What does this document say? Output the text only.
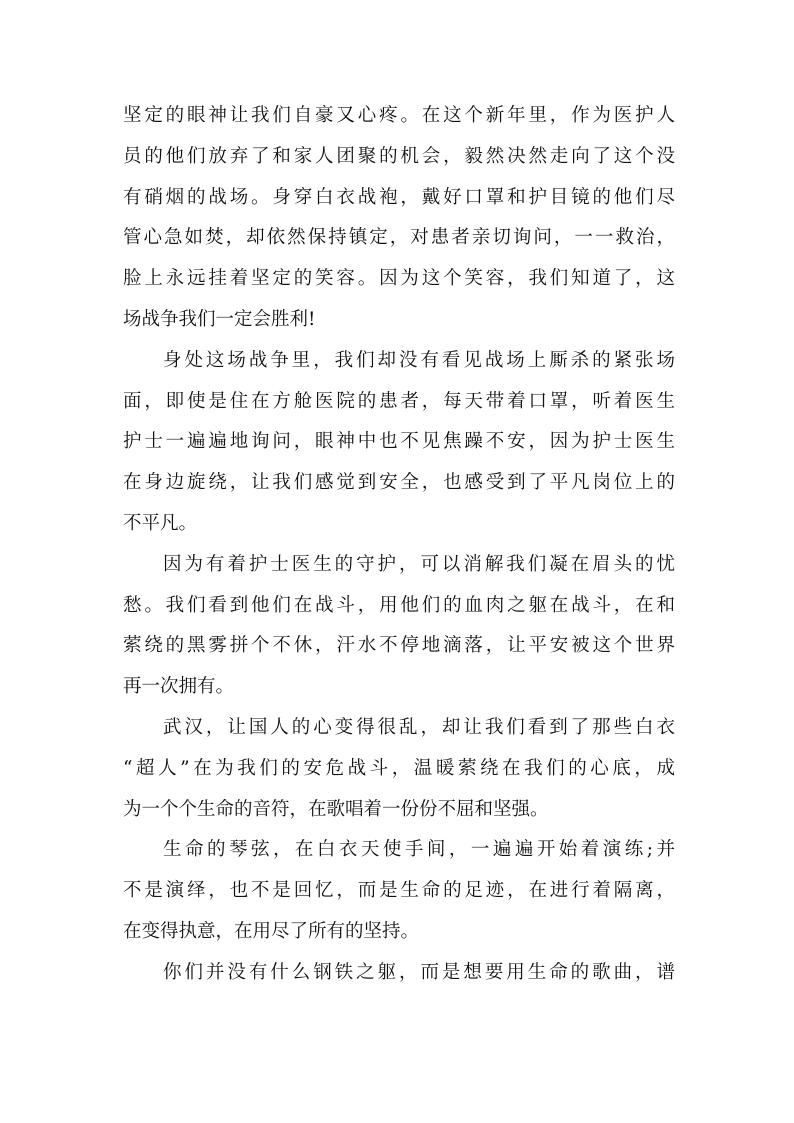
坚定的眼神让我们自豪又心疼。在这个新年里，作为医护人
员的他们放弃了和家人团聚的机会，毅然决然走向了这个没
有硝烟的战场。身穿白衣战袍，戴好口罩和护目镜的他们尽
管心急如焚，却依然保持镇定，对患者亲切询问，一一救治，
脸上永远挂着坚定的笑容。因为这个笑容，我们知道了，这
场战争我们一定会胜利!
身处这场战争里，我们却没有看见战场上厮杀的紧张场
面，即使是住在方舱医院的患者，每天带着口罩，听着医生
护士一遍遍地询问，眼神中也不见焦躁不安，因为护士医生
在身边旋绕，让我们感觉到安全，也感受到了平凡岗位上的
不平凡。
因为有着护士医生的守护，可以消解我们凝在眉头的忧
愁。我们看到他们在战斗，用他们的血肉之躯在战斗，在和
萦绕的黑雾拼个不休，汗水不停地滴落，让平安被这个世界
再一次拥有。
武汉，让国人的心变得很乱，却让我们看到了那些白衣
“超人”在为我们的安危战斗，温暖萦绕在我们的心底，成
为一个个生命的音符，在歌唱着一份份不屈和坚强。
生命的琴弦，在白衣天使手间，一遍遍开始着演练;并
不是演绎，也不是回忆，而是生命的足迹，在进行着隔离，
在变得执意，在用尽了所有的坚持。
你们并没有什么钢铁之躯，而是想要用生命的歌曲，谱
